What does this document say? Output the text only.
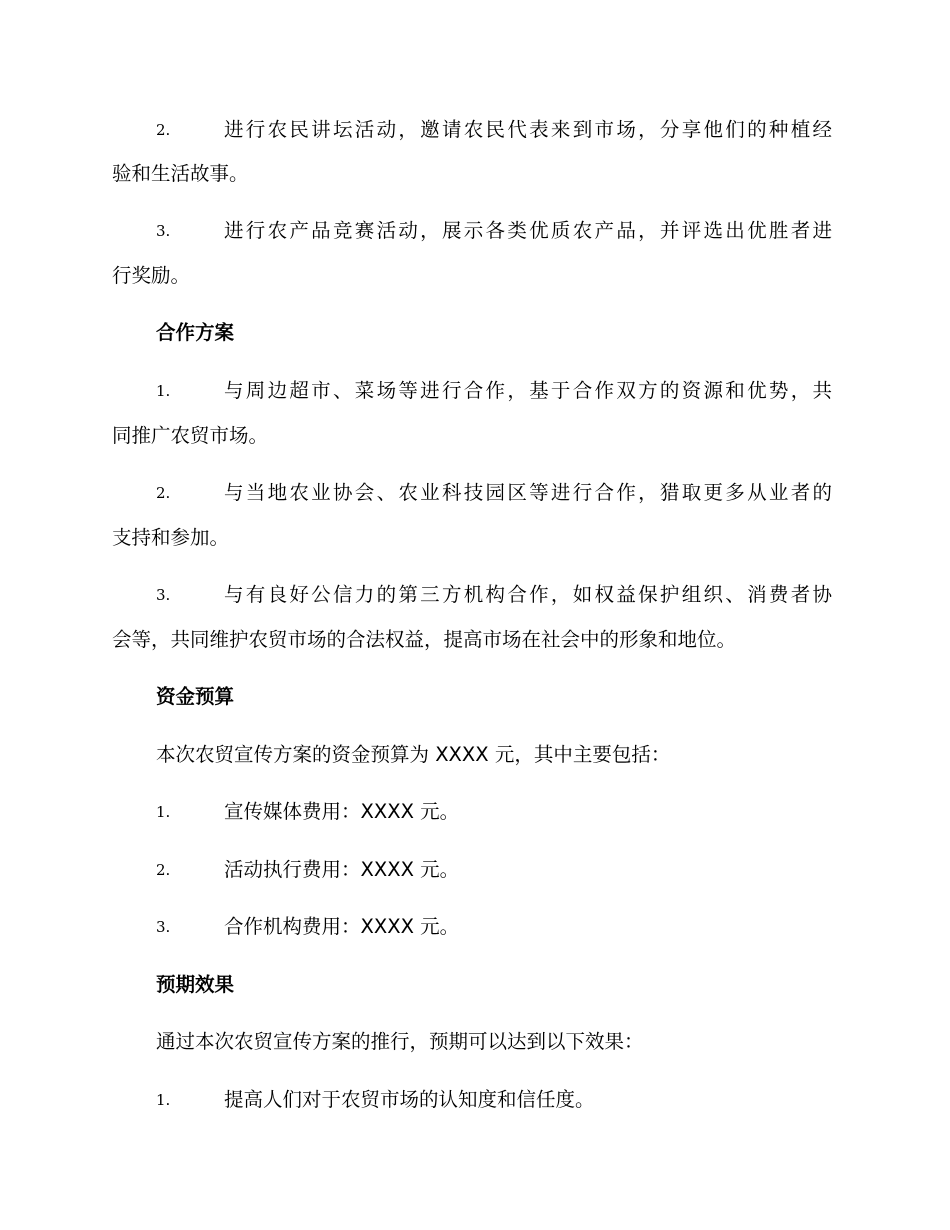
2.	进行农民讲坛活动，邀请农民代表来到市场，分享他们的种植经
验和生活故事。
3.	进行农产品竞赛活动，展示各类优质农产品，并评选出优胜者进
行奖励。
合作方案
1.	与周边超市、菜场等进行合作，基于合作双方的资源和优势，共
同推广农贸市场。
2.	与当地农业协会、农业科技园区等进行合作，猎取更多从业者的
支持和参加。
3.	与有良好公信力的第三方机构合作，如权益保护组织、消费者协
会等，共同维护农贸市场的合法权益，提高市场在社会中的形象和地位。
资金预算
本次农贸宣传方案的资金预算为 XXXX 元，其中主要包括：
1.	宣传媒体费用：XXXX 元。
2.	活动执行费用：XXXX 元。
3.	合作机构费用：XXXX 元。
预期效果
通过本次农贸宣传方案的推行，预期可以达到以下效果：
1.	提高人们对于农贸市场的认知度和信任度。
